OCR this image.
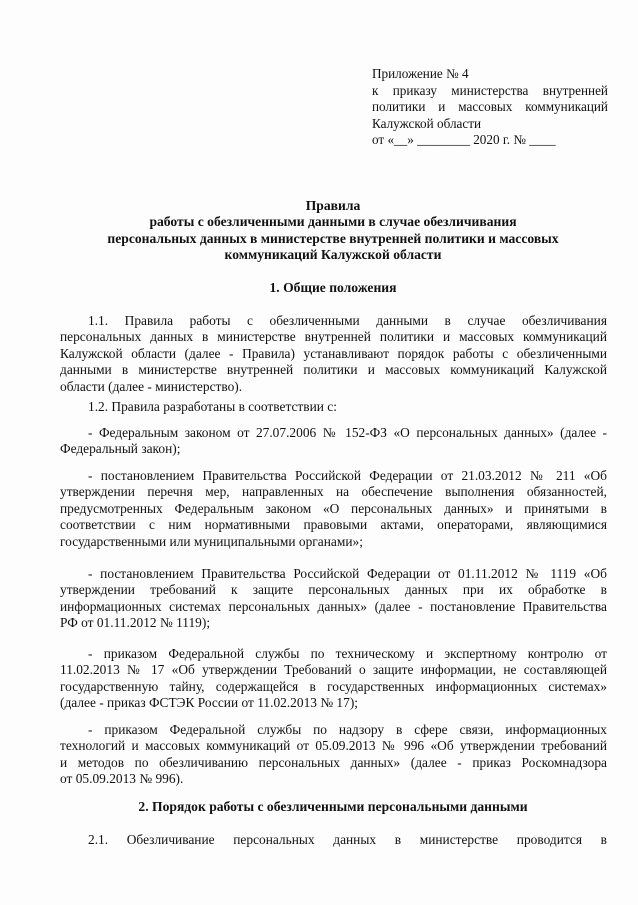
Приложение № 4
к приказу министерства внутренней
политики и массовых коммуникаций
Калужской области
от «__» ________ 2020 г. № ____
Правила
работы с обезличенными данными в случае обезличивания
персональных данных в министерстве внутренней политики и массовых
коммуникаций Калужской области
1. Общие положения
1.1. Правила работы с обезличенными данными в случае обезличивания
персональных данных в министерстве внутренней политики и массовых коммуникаций
Калужской области (далее - Правила) устанавливают порядок работы с обезличенными
данными в министерстве внутренней политики и массовых коммуникаций Калужской
области (далее - министерство).
1.2. Правила разработаны в соответствии с:
- Федеральным законом от 27.07.2006 № 152-ФЗ «О персональных данных» (далее -
Федеральный закон);
- постановлением Правительства Российской Федерации от 21.03.2012 № 211 «Об
утверждении перечня мер, направленных на обеспечение выполнения обязанностей,
предусмотренных Федеральным законом «О персональных данных» и принятыми в
соответствии с ним нормативными правовыми актами, операторами, являющимися
государственными или муниципальными органами»;
- постановлением Правительства Российской Федерации от 01.11.2012 № 1119 «Об
утверждении требований к защите персональных данных при их обработке в
информационных системах персональных данных» (далее - постановление Правительства
РФ от 01.11.2012 № 1119);
- приказом Федеральной службы по техническому и экспертному контролю от
11.02.2013 № 17 «Об утверждении Требований о защите информации, не составляющей
государственную тайну, содержащейся в государственных информационных системах»
(далее - приказ ФСТЭК России от 11.02.2013 № 17);
- приказом Федеральной службы по надзору в сфере связи, информационных
технологий и массовых коммуникаций от 05.09.2013 № 996 «Об утверждении требований
и методов по обезличиванию персональных данных» (далее - приказ Роскомнадзора
от 05.09.2013 № 996).
2. Порядок работы с обезличенными персональными данными
2.1. Обезличивание персональных данных в министерстве проводится в
